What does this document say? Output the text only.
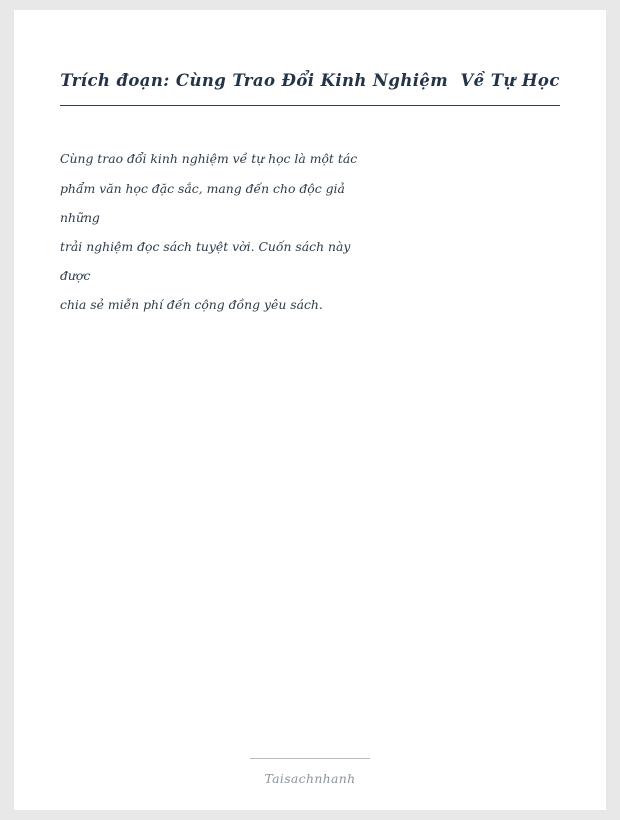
Trích đoạn: Cùng Trao Đổi Kinh Nghiệm  Về Tự Học
Cùng trao đổi kinh nghiệm về tự học là một tác
phẩm văn học đặc sắc, mang đến cho độc giả những
trải nghiệm đọc sách tuyệt vời. Cuốn sách này được
chia sẻ miễn phí đến cộng đồng yêu sách.
Taisachnhanh
